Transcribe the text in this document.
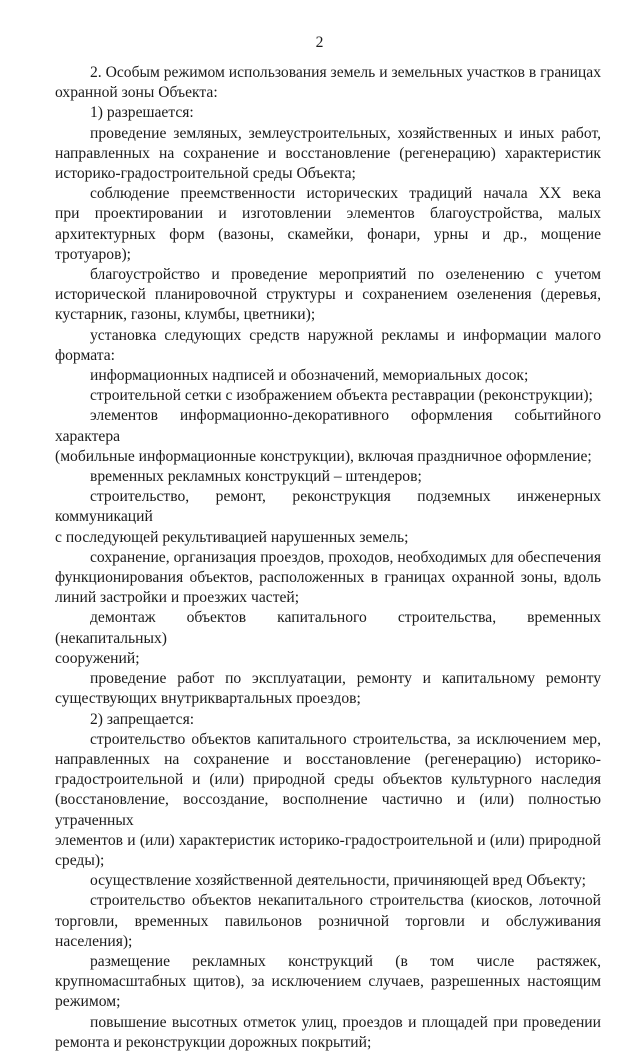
2
2. Особым режимом использования земель и земельных участков в границах
охранной зоны Объекта:
1) разрешается:
проведение земляных, землеустроительных, хозяйственных и иных работ,
направленных на сохранение и восстановление (регенерацию) характеристик
историко-градостроительной среды Объекта;
соблюдение преемственности исторических традиций начала XX века
при проектировании и изготовлении элементов благоустройства, малых
архитектурных форм (вазоны, скамейки, фонари, урны и др., мощение тротуаров);
благоустройство и проведение мероприятий по озеленению с учетом
исторической планировочной структуры и сохранением озеленения (деревья,
кустарник, газоны, клумбы, цветники);
установка следующих средств наружной рекламы и информации малого
формата:
информационных надписей и обозначений, мемориальных досок;
строительной сетки с изображением объекта реставрации (реконструкции);
элементов информационно-декоративного оформления событийного характера
(мобильные информационные конструкции), включая праздничное оформление;
временных рекламных конструкций – штендеров;
строительство, ремонт, реконструкция подземных инженерных коммуникаций
с последующей рекультивацией нарушенных земель;
сохранение, организация проездов, проходов, необходимых для обеспечения
функционирования объектов, расположенных в границах охранной зоны, вдоль
линий застройки и проезжих частей;
демонтаж объектов капитального строительства, временных (некапитальных)
сооружений;
проведение работ по эксплуатации, ремонту и капитальному ремонту
существующих внутриквартальных проездов;
2) запрещается:
строительство объектов капитального строительства, за исключением мер,
направленных на сохранение и восстановление (регенерацию) историко-
градостроительной и (или) природной среды объектов культурного наследия
(восстановление, воссоздание, восполнение частично и (или) полностью утраченных
элементов и (или) характеристик историко-градостроительной и (или) природной
среды);
осуществление хозяйственной деятельности, причиняющей вред Объекту;
строительство объектов некапитального строительства (киосков, лоточной
торговли, временных павильонов розничной торговли и обслуживания населения);
размещение рекламных конструкций (в том числе растяжек,
крупномасштабных щитов), за исключением случаев, разрешенных настоящим
режимом;
повышение высотных отметок улиц, проездов и площадей при проведении
ремонта и реконструкции дорожных покрытий;
